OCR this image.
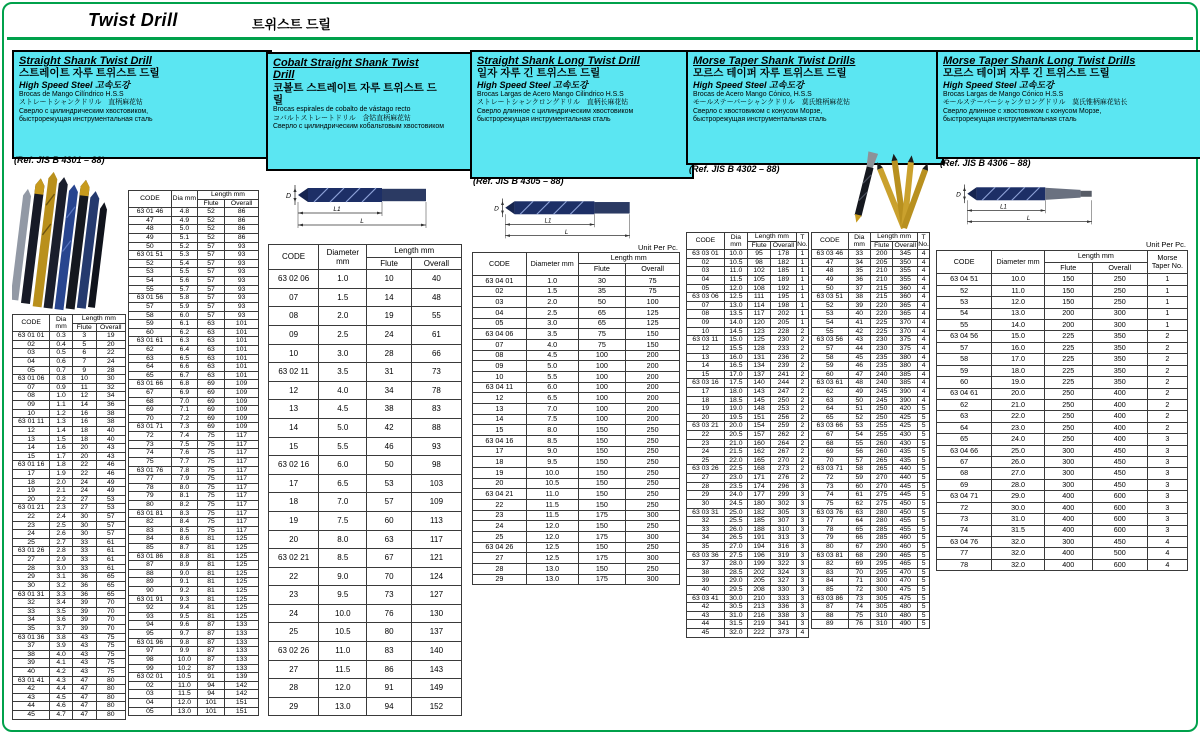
Twist Drill	트위스트 드릴
Straight Shank Twist Drill
스트레이트 자루 트위스트 드릴
High Speed Steel 고속도강
Brocas de Mango Cilíndrico H.S.S
ストレートシャンクドリル　直柄麻花钻
Сверло с цилиндрическим хвостовиком,
быстрорежущая инструментальная сталь
(Ref. JIS B 4301 – 88)
CODE	Dia mm	Length mm	
		Flute	Overall
63 01 01	0.3	3	19
02	0.4	5	20
03	0.5	6	22
04	0.6	7	24
05	0.7	9	28
63 01 06	0.8	10	30
07	0.9	11	32
08	1.0	12	34
09	1.1	14	36
10	1.2	16	38
63 01 11	1.3	16	38
12	1.4	18	40
13	1.5	18	40
14	1.6	20	43
15	1.7	20	43
63 01 16	1.8	22	46
17	1.9	22	46
18	2.0	24	49
19	2.1	24	49
20	2.2	27	53
63 01 21	2.3	27	53
22	2.4	30	57
23	2.5	30	57
24	2.6	30	57
25	2.7	33	61
63 01 26	2.8	33	61
27	2.9	33	61
28	3.0	33	61
29	3.1	36	65
30	3.2	36	65
63 01 31	3.3	36	65
32	3.4	39	70
33	3.5	39	70
34	3.6	39	70
35	3.7	39	70
63 01 36	3.8	43	75
37	3.9	43	75
38	4.0	43	75
39	4.1	43	75
40	4.2	43	75
63 01 41	4.3	47	80
42	4.4	47	80
43	4.5	47	80
44	4.6	47	80
45	4.7	47	80
CODE	Dia mm	Length mm	
		Flute	Overall
63 01 46	4.8	52	86
47	4.9	52	86
48	5.0	52	86
49	5.1	52	86
50	5.2	57	93
63 01 51	5.3	57	93
52	5.4	57	93
53	5.5	57	93
54	5.6	57	93
55	5.7	57	93
63 01 56	5.8	57	93
57	5.9	57	93
58	6.0	57	93
59	6.1	63	101
60	6.2	63	101
63 01 61	6.3	63	101
62	6.4	63	101
63	6.5	63	101
64	6.6	63	101
65	6.7	63	101
63 01 66	6.8	69	109
67	6.9	69	109
68	7.0	69	109
69	7.1	69	109
70	7.2	69	109
63 01 71	7.3	69	109
72	7.4	75	117
73	7.5	75	117
74	7.6	75	117
75	7.7	75	117
63 01 76	7.8	75	117
77	7.9	75	117
78	8.0	75	117
79	8.1	75	117
80	8.2	75	117
63 01 81	8.3	75	117
82	8.4	75	117
83	8.5	75	117
84	8.6	81	125
85	8.7	81	125
63 01 86	8.8	81	125
87	8.9	81	125
88	9.0	81	125
89	9.1	81	125
90	9.2	81	125
63 01 91	9.3	81	125
92	9.4	81	125
93	9.5	81	125
94	9.6	87	133
95	9.7	87	133
63 01 96	9.8	87	133
97	9.9	87	133
98	10.0	87	133
99	10.2	87	133
63 02 01	10.5	91	139
02	11.0	94	142
03	11.5	94	142
04	12.0	101	151
05	13.0	101	151
Cobalt Straight Shank Twist Drill
코볼트 스트레이트 자루 트위스트 드릴
Brocas espirales de cobalto de vástago recto
コバルトストレートドリル　含钴直柄麻花钻
Сверло с цилиндрическим кобальтовым хвостовиком
D
L1
L
CODE	Diameter mm	Length mm	
		Flute	Overall
63 02 06	1.0	10	40
07	1.5	14	48
08	2.0	19	55
09	2.5	24	61
10	3.0	28	66
63 02 11	3.5	31	73
12	4.0	34	78
13	4.5	38	83
14	5.0	42	88
15	5.5	46	93
63 02 16	6.0	50	98
17	6.5	53	103
18	7.0	57	109
19	7.5	60	113
20	8.0	63	117
63 02 21	8.5	67	121
22	9.0	70	124
23	9.5	73	127
24	10.0	76	130
25	10.5	80	137
63 02 26	11.0	83	140
27	11.5	86	143
28	12.0	91	149
29	13.0	94	152
Straight Shank Long Twist Drill
일자 자루 긴 트위스트 드릴
High Speed Steel 고속도강
Brocas Largas de Acero Mango Cilindrico H.S.S
ストレートシャンクロングドリル　直柄长麻花钻
Сверло длинное с цилиндрическим хвостовиком
быстрорежущая инструментальная сталь
(Ref. JIS B 4305 – 88)
D
L1
L
Unit Per Pc.
CODE	Diameter mm	Length mm	
		Flute	Overall
63 04 01	1.0	30	75
02	1.5	35	75
03	2.0	50	100
04	2.5	65	125
05	3.0	65	125
63 04 06	3.5	75	150
07	4.0	75	150
08	4.5	100	200
09	5.0	100	200
10	5.5	100	200
63 04 11	6.0	100	200
12	6.5	100	200
13	7.0	100	200
14	7.5	100	200
15	8.0	150	250
63 04 16	8.5	150	250
17	9.0	150	250
18	9.5	150	250
19	10.0	150	250
20	10.5	150	250
63 04 21	11.0	150	250
22	11.5	150	250
23	11.5	175	300
24	12.0	150	250
25	12.0	175	300
63 04 26	12.5	150	250
27	12.5	175	300
28	13.0	150	250
29	13.0	175	300
Morse Taper Shank Twist Drills
모르스 테이퍼 자루 트위스트 드릴
High Speed Steel 고속도강
Brocas de Acero Mango Cónico, H.S.S
モールステーパーシャンクドリル　莫氏锥柄麻花钻
Сверло с хвостовиком с конусом Морзе,
быстрорежущая инструментальная сталь
(Ref. JIS B 4302 – 88)
CODE	Dia mm	Length mm		T No.
		Flute	Overall	
63 03 01	10.0	95	178	1
02	10.5	98	182	1
03	11.0	102	185	1
04	11.5	105	189	1
05	12.0	108	192	1
63 03 06	12.5	111	195	1
07	13.0	114	198	1
08	13.5	117	202	1
09	14.0	120	205	1
10	14.5	123	228	2
63 03 11	15.0	125	230	2
12	15.5	128	233	2
13	16.0	131	236	2
14	16.5	134	239	2
15	17.0	137	241	2
63 03 16	17.5	140	244	2
17	18.0	143	247	2
18	18.5	145	250	2
19	19.0	148	253	2
20	19.5	151	256	2
63 03 21	20.0	154	259	2
22	20.5	157	262	2
23	21.0	160	264	2
24	21.5	162	267	2
25	22.0	165	270	2
63 03 26	22.5	168	273	2
27	23.0	171	276	2
28	23.5	174	296	3
29	24.0	177	299	3
30	24.5	180	302	3
63 03 31	25.0	182	305	3
32	25.5	185	307	3
33	26.0	188	310	3
34	26.5	191	313	3
35	27.0	194	316	3
63 03 36	27.5	196	319	3
37	28.0	199	322	3
38	28.5	202	324	3
39	29.0	205	327	3
40	29.5	208	330	3
63 03 41	30.0	210	333	3
42	30.5	213	336	3
43	31.0	216	338	3
44	31.5	219	341	3
45	32.0	222	373	4
CODE	Dia mm	Length mm		T No.
		Flute	Overall	
63 03 46	33	200	345	4
47	34	205	350	4
48	35	210	355	4
49	36	210	355	4
50	37	215	360	4
63 03 51	38	215	360	4
52	39	220	365	4
53	40	220	365	4
54	41	225	370	4
55	42	225	370	4
63 03 56	43	230	375	4
57	44	230	375	4
58	45	235	380	4
59	46	235	380	4
60	47	240	385	4
63 03 61	48	240	385	4
62	49	245	390	4
63	50	245	390	4
64	51	250	420	5
65	52	250	425	5
63 03 66	53	255	425	5
67	54	255	430	5
68	55	260	430	5
69	56	260	435	5
70	57	265	435	5
63 03 71	58	265	440	5
72	59	270	440	5
73	60	270	445	5
74	61	275	445	5
75	62	275	450	5
63 03 76	63	280	450	5
77	64	280	455	5
78	65	285	455	5
79	66	285	460	5
80	67	290	460	5
63 03 81	68	290	465	5
82	69	295	465	5
83	70	295	470	5
84	71	300	470	5
85	72	300	475	5
63 03 86	73	305	475	5
87	74	305	480	5
88	75	310	480	5
89	76	310	490	5
Morse Taper Shank Long Twist Drills
모르스 테이퍼 자루 긴 트위스트 드릴
High Speed Steel 고속도강
Brocas Largas de Mango Cónico H.S.S
モールステーパーシャンクロングドリル　莫氏锥柄麻花钻长
Сверло длинное с хвостовиком с конусом Морзе,
быстрорежущая инструментальная сталь
(Ref. JIS B 4306 – 88)
D
L1
L
Unit Per Pc.
CODE	Diameter mm	Length mm		Morse Taper No.
		Flute	Overall	
63 04 51	10.0	150	250	1
52	11.0	150	250	1
53	12.0	150	250	1
54	13.0	200	300	1
55	14.0	200	300	1
63 04 56	15.0	225	350	2
57	16.0	225	350	2
58	17.0	225	350	2
59	18.0	225	350	2
60	19.0	225	350	2
63 04 61	20.0	250	400	2
62	21.0	250	400	2
63	22.0	250	400	2
64	23.0	250	400	2
65	24.0	250	400	3
63 04 66	25.0	300	450	3
67	26.0	300	450	3
68	27.0	300	450	3
69	28.0	300	450	3
63 04 71	29.0	400	600	3
72	30.0	400	600	3
73	31.0	400	600	3
74	31.5	400	600	3
63 04 76	32.0	300	450	4
77	32.0	400	500	4
78	32.0	400	600	4
